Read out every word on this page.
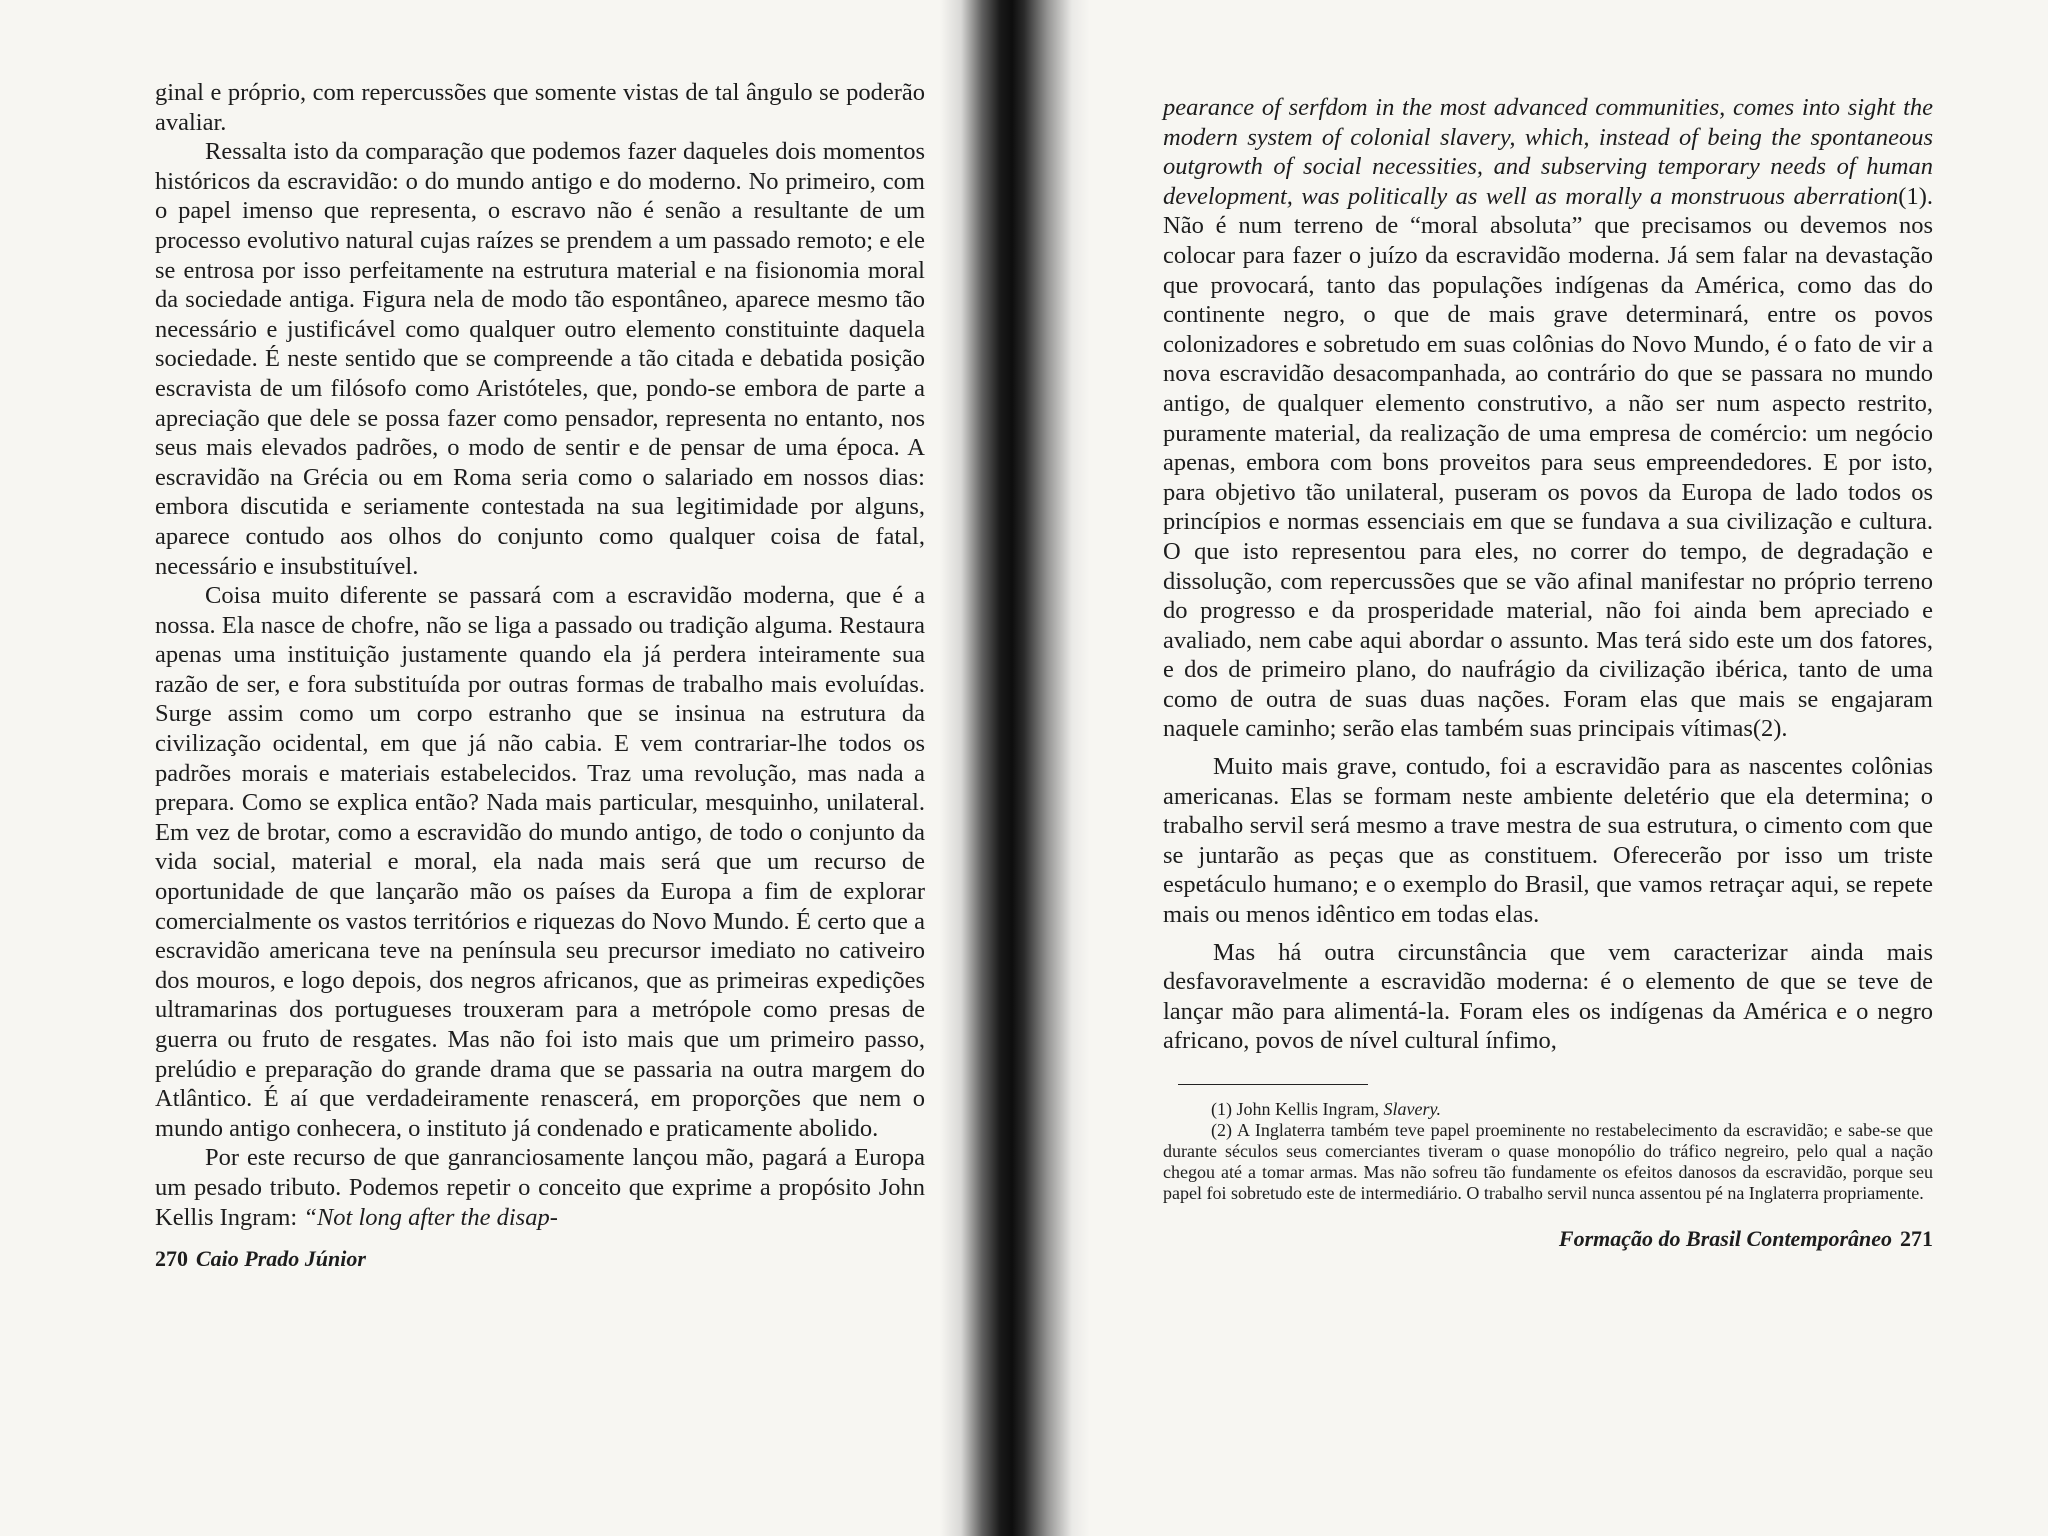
ginal e próprio, com repercussões que somente vistas de tal ângulo se poderão avaliar.

Ressalta isto da comparação que podemos fazer daqueles dois momentos históricos da escravidão: o do mundo antigo e do moderno. No primeiro, com o papel imenso que representa, o escravo não é senão a resultante de um processo evolutivo natural cujas raízes se prendem a um passado remoto; e ele se entrosa por isso perfeitamente na estrutura material e na fisionomia moral da sociedade antiga. Figura nela de modo tão espontâneo, aparece mesmo tão necessário e justificável como qualquer outro elemento constituinte daquela sociedade. É neste sentido que se compreende a tão citada e debatida posição escravista de um filósofo como Aristóteles, que, pondo-se embora de parte a apreciação que dele se possa fazer como pensador, representa no entanto, nos seus mais elevados padrões, o modo de sentir e de pensar de uma época. A escravidão na Grécia ou em Roma seria como o salariado em nossos dias: embora discutida e seriamente contestada na sua legitimidade por alguns, aparece contudo aos olhos do conjunto como qualquer coisa de fatal, necessário e insubstituível.

Coisa muito diferente se passará com a escravidão moderna, que é a nossa. Ela nasce de chofre, não se liga a passado ou tradição alguma. Restaura apenas uma instituição justamente quando ela já perdera inteiramente sua razão de ser, e fora substituída por outras formas de trabalho mais evoluídas. Surge assim como um corpo estranho que se insinua na estrutura da civilização ocidental, em que já não cabia. E vem contrariar-lhe todos os padrões morais e materiais estabelecidos. Traz uma revolução, mas nada a prepara. Como se explica então? Nada mais particular, mesquinho, unilateral. Em vez de brotar, como a escravidão do mundo antigo, de todo o conjunto da vida social, material e moral, ela nada mais será que um recurso de oportunidade de que lançarão mão os países da Europa a fim de explorar comercialmente os vastos territórios e riquezas do Novo Mundo. É certo que a escravidão americana teve na península seu precursor imediato no cativeiro dos mouros, e logo depois, dos negros africanos, que as primeiras expedições ultramarinas dos portugueses trouxeram para a metrópole como presas de guerra ou fruto de resgates. Mas não foi isto mais que um primeiro passo, prelúdio e preparação do grande drama que se passaria na outra margem do Atlântico. É aí que verdadeiramente renascerá, em proporções que nem o mundo antigo conhecera, o instituto já condenado e praticamente abolido.

Por este recurso de que ganranciosamente lançou mão, pagará a Europa um pesado tributo. Podemos repetir o conceito que exprime a propósito John Kellis Ingram: “Not long after the disap-

270 Caio Prado Júnior

pearance of serfdom in the most advanced communities, comes into sight the modern system of colonial slavery, which, instead of being the spontaneous outgrowth of social necessities, and subserving temporary needs of human development, was politically as well as morally a monstruous aberration(1). Não é num terreno de “moral absoluta” que precisamos ou devemos nos colocar para fazer o juízo da escravidão moderna. Já sem falar na devastação que provocará, tanto das populações indígenas da América, como das do continente negro, o que de mais grave determinará, entre os povos colonizadores e sobretudo em suas colônias do Novo Mundo, é o fato de vir a nova escravidão desacompanhada, ao contrário do que se passara no mundo antigo, de qualquer elemento construtivo, a não ser num aspecto restrito, puramente material, da realização de uma empresa de comércio: um negócio apenas, embora com bons proveitos para seus empreendedores. E por isto, para objetivo tão unilateral, puseram os povos da Europa de lado todos os princípios e normas essenciais em que se fundava a sua civilização e cultura. O que isto representou para eles, no correr do tempo, de degradação e dissolução, com repercussões que se vão afinal manifestar no próprio terreno do progresso e da prosperidade material, não foi ainda bem apreciado e avaliado, nem cabe aqui abordar o assunto. Mas terá sido este um dos fatores, e dos de primeiro plano, do naufrágio da civilização ibérica, tanto de uma como de outra de suas duas nações. Foram elas que mais se engajaram naquele caminho; serão elas também suas principais vítimas(2).

Muito mais grave, contudo, foi a escravidão para as nascentes colônias americanas. Elas se formam neste ambiente deletério que ela determina; o trabalho servil será mesmo a trave mestra de sua estrutura, o cimento com que se juntarão as peças que as constituem. Oferecerão por isso um triste espetáculo humano; e o exemplo do Brasil, que vamos retraçar aqui, se repete mais ou menos idêntico em todas elas.

Mas há outra circunstância que vem caracterizar ainda mais desfavoravelmente a escravidão moderna: é o elemento de que se teve de lançar mão para alimentá-la. Foram eles os indígenas da América e o negro africano, povos de nível cultural ínfimo,

(1) John Kellis Ingram, Slavery.

(2) A Inglaterra também teve papel proeminente no restabelecimento da escravidão; e sabe-se que durante séculos seus comerciantes tiveram o quase monopólio do tráfico negreiro, pelo qual a nação chegou até a tomar armas. Mas não sofreu tão fundamente os efeitos danosos da escravidão, porque seu papel foi sobretudo este de intermediário. O trabalho servil nunca assentou pé na Inglaterra propriamente.

Formação do Brasil Contemporâneo 271
